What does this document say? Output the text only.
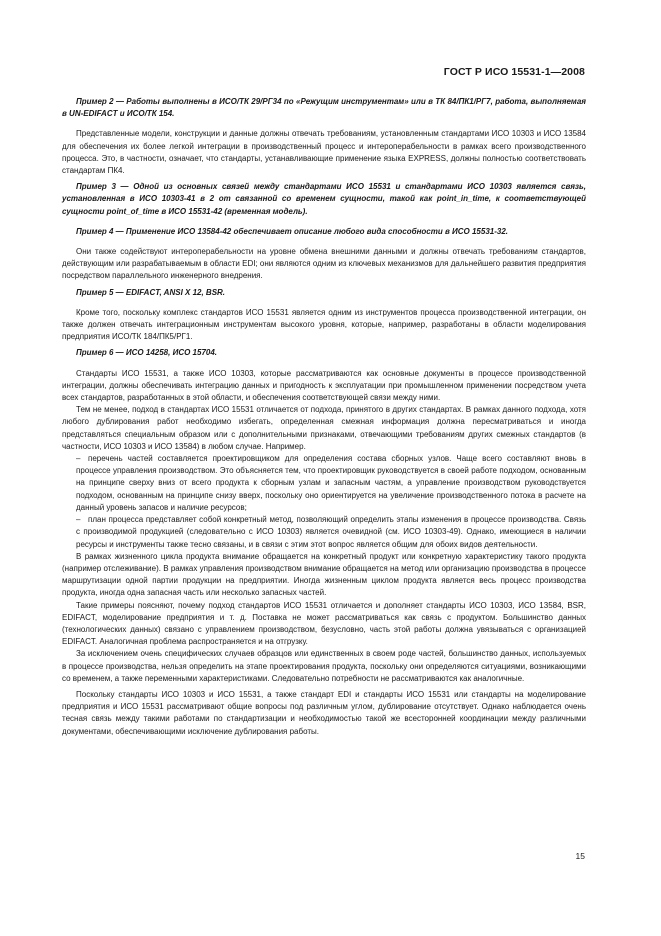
ГОСТ Р ИСО 15531-1—2008

Пример 2 — Работы выполнены в ИСО/ТК 29/РГ34 по «Режущим инструментам» или в ТК 84/ПК1/РГ7, работа, выполняемая в UN-EDIFACT и ИСО/ТК 154.

Представленные модели, конструкции и данные должны отвечать требованиям, установленным стандартами ИСО 10303 и ИСО 13584 для обеспечения их более легкой интеграции в производственный процесс и интероперабельности в рамках всего производственного процесса. Это, в частности, означает, что стандарты, устанавливающие применение языка EXPRESS, должны полностью соответствовать стандартам ПК4.

Пример 3 — Одной из основных связей между стандартами ИСО 15531 и стандартами ИСО 10303 является связь, установленная в ИСО 10303-41 в 2 от связанной со временем сущности, такой как point_in_time, к соответствующей сущности point_of_time в ИСО 15531-42 (временная модель).

Пример 4 — Применение ИСО 13584-42 обеспечивает описание любого вида способности в ИСО 15531-32.

Они также содействуют интероперабельности на уровне обмена внешними данными и должны отвечать требованиям стандартов, действующим или разрабатываемым в области EDI; они являются одним из ключевых механизмов для дальнейшего развития предприятия посредством параллельного инженерного внедрения.

Пример 5 — EDIFACT, ANSI X 12, BSR.

Кроме того, поскольку комплекс стандартов ИСО 15531 является одним из инструментов процесса производственной интеграции, он также должен отвечать интеграционным инструментам высокого уровня, которые, например, разработаны в области моделирования предприятия ИСО/ТК 184/ПК5/РГ1.

Пример 6 — ИСО 14258, ИСО 15704.

Стандарты ИСО 15531, а также ИСО 10303, которые рассматриваются как основные документы в процессе производственной интеграции, должны обеспечивать интеграцию данных и пригодность к эксплуатации при промышленном применении посредством учета всех стандартов, разработанных в этой области, и обеспечения соответствующей связи между ними.

Тем не менее, подход в стандартах ИСО 15531 отличается от подхода, принятого в других стандартах. В рамках данного подхода, хотя любого дублирования работ необходимо избегать, определенная смежная информация должна пересматриваться и иногда представляться специальным образом или с дополнительными признаками, отвечающими требованиям других смежных стандартов (в частности, ИСО 10303 и ИСО 13584) в любом случае. Например.

– перечень частей составляется проектировщиком для определения состава сборных узлов. Чаще всего составляют вновь в процессе управления производством. Это объясняется тем, что проектировщик руководствуется в своей работе подходом, основанным на принципе сверху вниз от всего продукта к сборным узлам и запасным частям, а управление производством руководствуется подходом, основанным на принципе снизу вверх, поскольку оно ориентируется на увеличение производственного потока в расчете на данный уровень запасов и наличие ресурсов;

– план процесса представляет собой конкретный метод, позволяющий определить этапы изменения в процессе производства. Связь с производимой продукцией (следовательно с ИСО 10303) является очевидной (см. ИСО 10303-49). Однако, имеющиеся в наличии ресурсы и инструменты также тесно связаны, и в связи с этим этот вопрос является общим для обоих видов деятельности.

В рамках жизненного цикла продукта внимание обращается на конкретный продукт или конкретную характеристику такого продукта (например отслеживание). В рамках управления производством внимание обращается на метод или организацию производства в процессе маршрутизации одной партии продукции на предприятии. Иногда жизненным циклом продукта является весь процесс производства продукта, иногда одна запасная часть или несколько запасных частей.

Такие примеры поясняют, почему подход стандартов ИСО 15531 отличается и дополняет стандарты ИСО 10303, ИСО 13584, BSR, EDIFACT, моделирование предприятия и т. д. Поставка не может рассматриваться как связь с продуктом. Большинство данных (технологических данных) связано с управлением производством, безусловно, часть этой работы должна увязываться с организацией EDIFACT. Аналогичная проблема распространяется и на отгрузку.

За исключением очень специфических случаев образцов или единственных в своем роде частей, большинство данных, используемых в процессе производства, нельзя определить на этапе проектирования продукта, поскольку они определяются ситуациями, возникающими со временем, а также переменными характеристиками. Следовательно потребности не рассматриваются как аналогичные.

Поскольку стандарты ИСО 10303 и ИСО 15531, а также стандарт EDI и стандарты ИСО 15531 или стандарты на моделирование предприятия и ИСО 15531 рассматривают общие вопросы под различным углом, дублирование отсутствует. Однако наблюдается очень тесная связь между такими работами по стандартизации и необходимостью такой же всесторонней координации между различными документами, обеспечивающими исключение дублирования работы.

15
